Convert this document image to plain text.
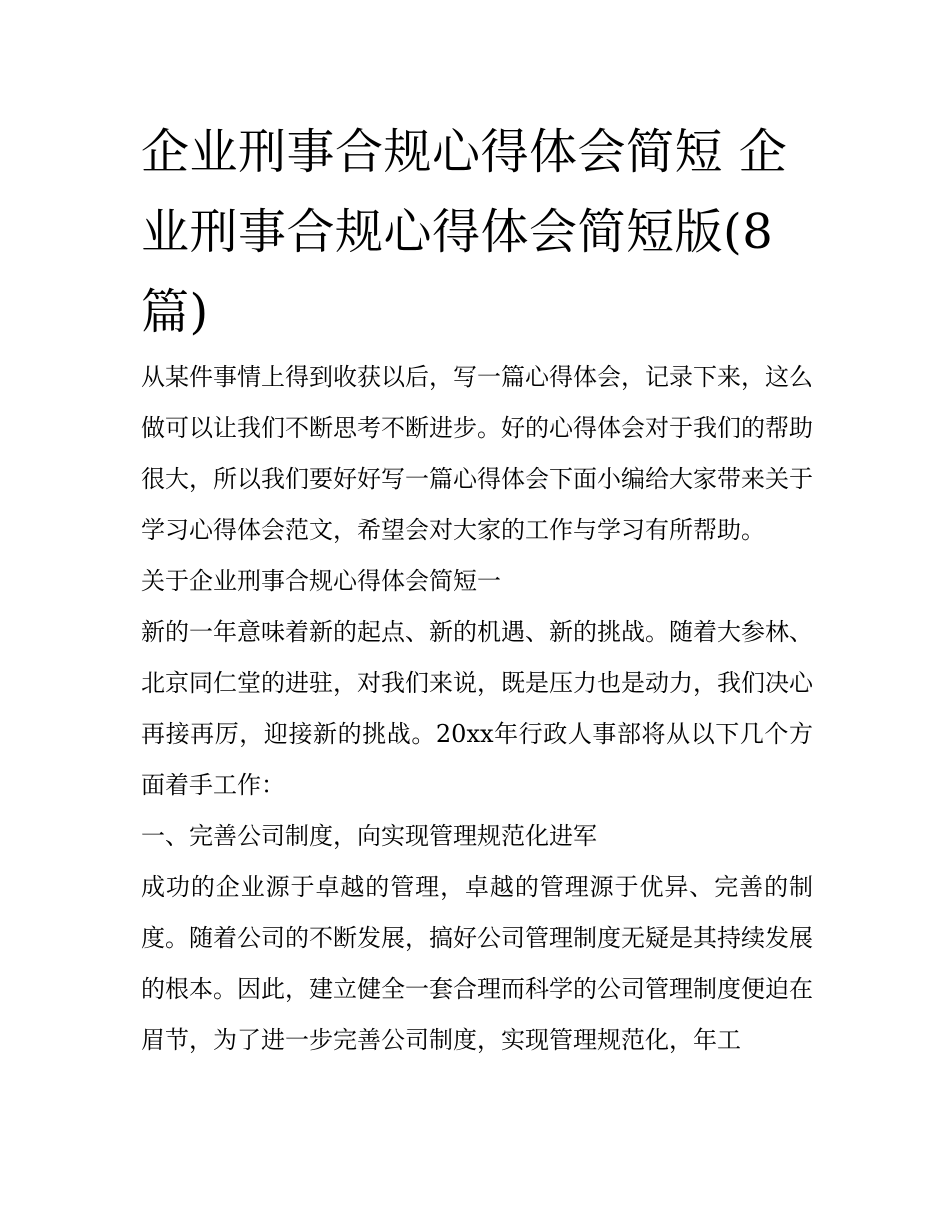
企业刑事合规心得体会简短 企业刑事合规心得体会简短版(8篇)

从某件事情上得到收获以后，写一篇心得体会，记录下来，这么做可以让我们不断思考不断进步。好的心得体会对于我们的帮助很大，所以我们要好好写一篇心得体会下面小编给大家带来关于学习心得体会范文，希望会对大家的工作与学习有所帮助。

关于企业刑事合规心得体会简短一

新的一年意味着新的起点、新的机遇、新的挑战。随着大参林、北京同仁堂的进驻，对我们来说，既是压力也是动力，我们决心再接再厉，迎接新的挑战。20xx年行政人事部将从以下几个方面着手工作：

一、完善公司制度，向实现管理规范化进军

成功的企业源于卓越的管理，卓越的管理源于优异、完善的制度。随着公司的不断发展，搞好公司管理制度无疑是其持续发展的根本。因此，建立健全一套合理而科学的公司管理制度便迫在眉节，为了进一步完善公司制度，实现管理规范化，年工
